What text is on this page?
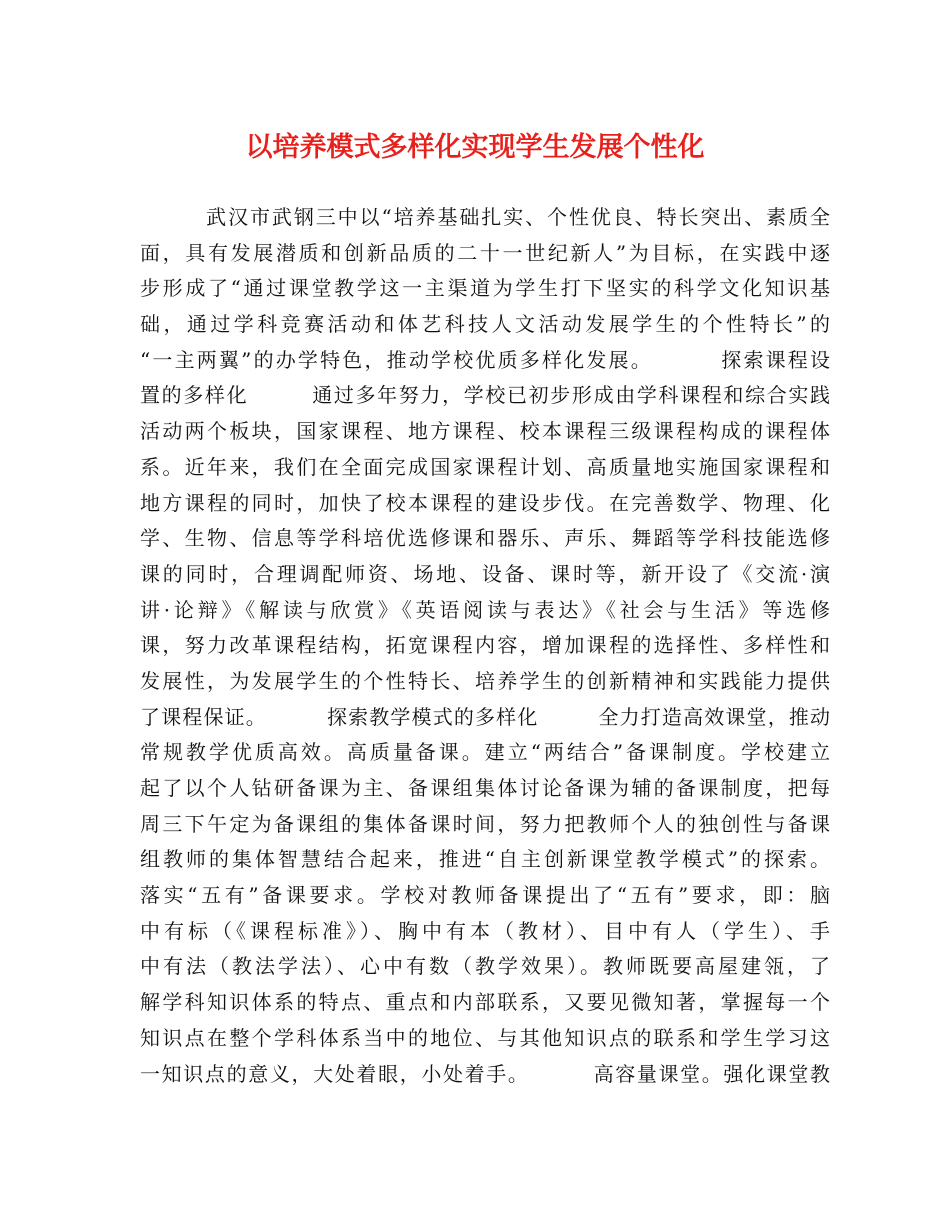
以培养模式多样化实现学生发展个性化
武汉市武钢三中以“培养基础扎实、个性优良、特长突出、素质全
面，具有发展潜质和创新品质的二十一世纪新人”为目标，在实践中逐
步形成了“通过课堂教学这一主渠道为学生打下坚实的科学文化知识基
础，通过学科竞赛活动和体艺科技人文活动发展学生的个性特长”的
“一主两翼”的办学特色，推动学校优质多样化发展。        探索课程设
置的多样化        通过多年努力，学校已初步形成由学科课程和综合实践
活动两个板块，国家课程、地方课程、校本课程三级课程构成的课程体
系。近年来，我们在全面完成国家课程计划、高质量地实施国家课程和
地方课程的同时，加快了校本课程的建设步伐。在完善数学、物理、化
学、生物、信息等学科培优选修课和器乐、声乐、舞蹈等学科技能选修
课的同时，合理调配师资、场地、设备、课时等，新开设了《交流·演
讲·论辩》《解读与欣赏》《英语阅读与表达》《社会与生活》等选修
课，努力改革课程结构，拓宽课程内容，增加课程的选择性、多样性和
发展性，为发展学生的个性特长、培养学生的创新精神和实践能力提供
了课程保证。        探索教学模式的多样化        全力打造高效课堂，推动
常规教学优质高效。高质量备课。建立“两结合”备课制度。学校建立
起了以个人钻研备课为主、备课组集体讨论备课为辅的备课制度，把每
周三下午定为备课组的集体备课时间，努力把教师个人的独创性与备课
组教师的集体智慧结合起来，推进“自主创新课堂教学模式”的探索。
落实“五有”备课要求。学校对教师备课提出了“五有”要求，即：脑
中有标（《课程标准》）、胸中有本（教材）、目中有人（学生）、手
中有法（教法学法）、心中有数（教学效果）。教师既要高屋建瓴，了
解学科知识体系的特点、重点和内部联系，又要见微知著，掌握每一个
知识点在整个学科体系当中的地位、与其他知识点的联系和学生学习这
一知识点的意义，大处着眼，小处着手。        高容量课堂。强化课堂教
